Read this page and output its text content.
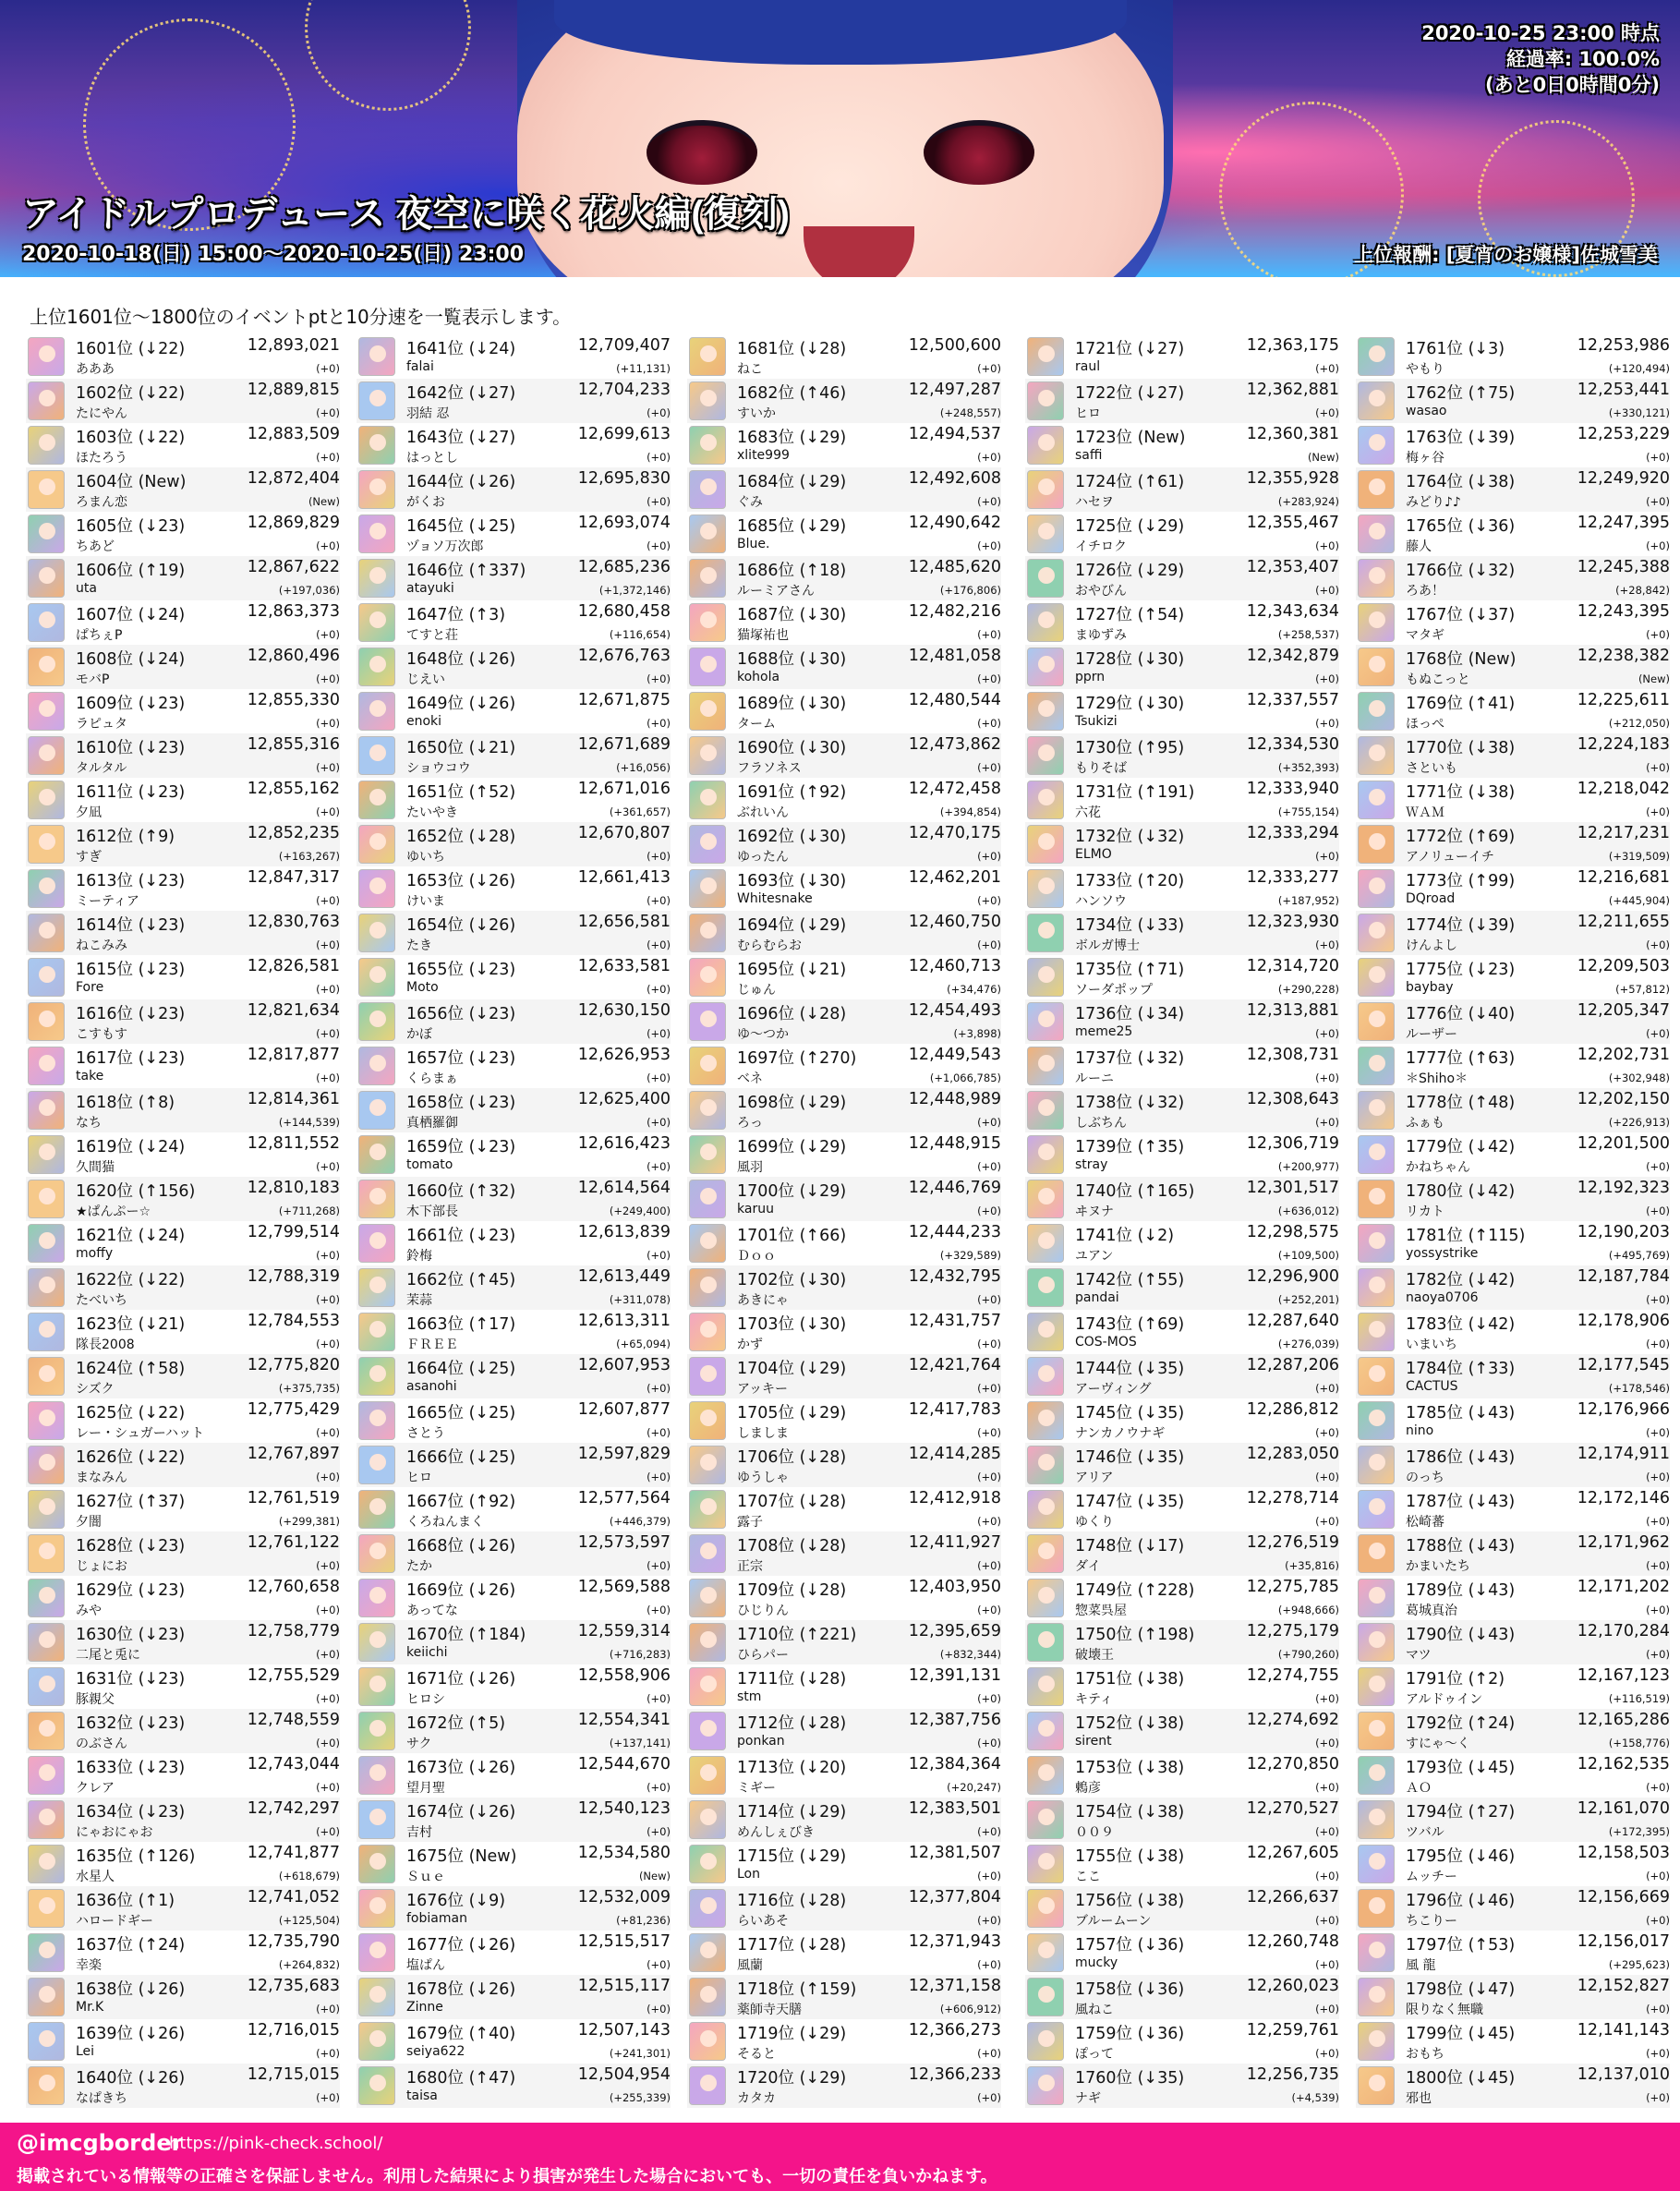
2020-10-25 23:00 時点
経過率: 100.0%
(あと0日0時間0分)
アイドルプロデュース 夜空に咲く花火編(復刻)
2020-10-18(日) 15:00～2020-10-25(日) 23:00	上位報酬: [夏宵のお嬢様]佐城雪美
上位1601位～1800位のイベントptと10分速を一覧表示します。
1601位 (↓22)	12,893,021
あああ	(+0)
1602位 (↓22)	12,889,815
たにやん	(+0)
1603位 (↓22)	12,883,509
ほたろう	(+0)
1604位 (New)	12,872,404
ろまん恋	(New)
1605位 (↓23)	12,869,829
ちあど	(+0)
1606位 (↑19)	12,867,622
uta	(+197,036)
1607位 (↓24)	12,863,373
ぱちぇP	(+0)
1608位 (↓24)	12,860,496
モバP	(+0)
1609位 (↓23)	12,855,330
ラピュタ	(+0)
1610位 (↓23)	12,855,316
タルタル	(+0)
1611位 (↓23)	12,855,162
夕凪	(+0)
1612位 (↑9)	12,852,235
すぎ	(+163,267)
1613位 (↓23)	12,847,317
ミーティア	(+0)
1614位 (↓23)	12,830,763
ねこみみ	(+0)
1615位 (↓23)	12,826,581
Fore	(+0)
1616位 (↓23)	12,821,634
こすもす	(+0)
1617位 (↓23)	12,817,877
take	(+0)
1618位 (↑8)	12,814,361
なち	(+144,539)
1619位 (↓24)	12,811,552
久間猫	(+0)
1620位 (↑156)	12,810,183
★ぱんぷー☆	(+711,268)
1621位 (↓24)	12,799,514
moffy	(+0)
1622位 (↓22)	12,788,319
たべいち	(+0)
1623位 (↓21)	12,784,553
隊長2008	(+0)
1624位 (↑58)	12,775,820
シズク	(+375,735)
1625位 (↓22)	12,775,429
レー・シュガーハット	(+0)
1626位 (↓22)	12,767,897
まなみん	(+0)
1627位 (↑37)	12,761,519
夕闇	(+299,381)
1628位 (↓23)	12,761,122
じょにお	(+0)
1629位 (↓23)	12,760,658
みや	(+0)
1630位 (↓23)	12,758,779
二尾と兎に	(+0)
1631位 (↓23)	12,755,529
豚親父	(+0)
1632位 (↓23)	12,748,559
のぶさん	(+0)
1633位 (↓23)	12,743,044
クレア	(+0)
1634位 (↓23)	12,742,297
にゃおにゃお	(+0)
1635位 (↑126)	12,741,877
水星人	(+618,679)
1636位 (↑1)	12,741,052
ハロードギー	(+125,504)
1637位 (↑24)	12,735,790
幸楽	(+264,832)
1638位 (↓26)	12,735,683
Mr.K	(+0)
1639位 (↓26)	12,716,015
Lei	(+0)
1640位 (↓26)	12,715,015
なぱきち	(+0)
1641位 (↓24)	12,709,407
falai	(+11,131)
1642位 (↓27)	12,704,233
羽結 忍	(+0)
1643位 (↓27)	12,699,613
はっとし	(+0)
1644位 (↓26)	12,695,830
がくお	(+0)
1645位 (↓25)	12,693,074
ヅョソ万次郎	(+0)
1646位 (↑337)	12,685,236
atayuki	(+1,372,146)
1647位 (↑3)	12,680,458
てすと荘	(+116,654)
1648位 (↓26)	12,676,763
じえい	(+0)
1649位 (↓26)	12,671,875
enoki	(+0)
1650位 (↓21)	12,671,689
ショウコウ	(+16,056)
1651位 (↑52)	12,671,016
たいやき	(+361,657)
1652位 (↓28)	12,670,807
ゆいち	(+0)
1653位 (↓26)	12,661,413
けいま	(+0)
1654位 (↓26)	12,656,581
たき	(+0)
1655位 (↓23)	12,633,581
Moto	(+0)
1656位 (↓23)	12,630,150
かぼ	(+0)
1657位 (↓23)	12,626,953
くらまぁ	(+0)
1658位 (↓23)	12,625,400
真栖羅御	(+0)
1659位 (↓23)	12,616,423
tomato	(+0)
1660位 (↑32)	12,614,564
木下部長	(+249,400)
1661位 (↓23)	12,613,839
鈴梅	(+0)
1662位 (↑45)	12,613,449
茉蒜	(+311,078)
1663位 (↑17)	12,613,311
ＦＲＥＥ	(+65,094)
1664位 (↓25)	12,607,953
asanohi	(+0)
1665位 (↓25)	12,607,877
さとう	(+0)
1666位 (↓25)	12,597,829
ヒロ	(+0)
1667位 (↑92)	12,577,564
くろねんまく	(+446,379)
1668位 (↓26)	12,573,597
たか	(+0)
1669位 (↓26)	12,569,588
あってな	(+0)
1670位 (↑184)	12,559,314
keiichi	(+716,283)
1671位 (↓26)	12,558,906
ヒロシ	(+0)
1672位 (↑5)	12,554,341
サク	(+137,141)
1673位 (↓26)	12,544,670
望月聖	(+0)
1674位 (↓26)	12,540,123
吉村	(+0)
1675位 (New)	12,534,580
Ｓｕｅ	(New)
1676位 (↓9)	12,532,009
fobiaman	(+81,236)
1677位 (↓26)	12,515,517
塩ぱん	(+0)
1678位 (↓26)	12,515,117
Zinne	(+0)
1679位 (↑40)	12,507,143
seiya622	(+241,301)
1680位 (↑47)	12,504,954
taisa	(+255,339)
1681位 (↓28)	12,500,600
ねこ	(+0)
1682位 (↑46)	12,497,287
すいか	(+248,557)
1683位 (↓29)	12,494,537
xlite999	(+0)
1684位 (↓29)	12,492,608
ぐみ	(+0)
1685位 (↓29)	12,490,642
Blue.	(+0)
1686位 (↑18)	12,485,620
ルーミアさん	(+176,806)
1687位 (↓30)	12,482,216
猫塚祐也	(+0)
1688位 (↓30)	12,481,058
kohola	(+0)
1689位 (↓30)	12,480,544
ターム	(+0)
1690位 (↓30)	12,473,862
フラソネス	(+0)
1691位 (↑92)	12,472,458
ぶれいん	(+394,854)
1692位 (↓30)	12,470,175
ゆったん	(+0)
1693位 (↓30)	12,462,201
Whitesnake	(+0)
1694位 (↓29)	12,460,750
むらむらお	(+0)
1695位 (↓21)	12,460,713
じゅん	(+34,476)
1696位 (↓28)	12,454,493
ゆ〜つか	(+3,898)
1697位 (↑270)	12,449,543
ベネ	(+1,066,785)
1698位 (↓29)	12,448,989
ろっ	(+0)
1699位 (↓29)	12,448,915
風羽	(+0)
1700位 (↓29)	12,446,769
karuu	(+0)
1701位 (↑66)	12,444,233
Ｄｏｏ	(+329,589)
1702位 (↓30)	12,432,795
あきにゃ	(+0)
1703位 (↓30)	12,431,757
かず	(+0)
1704位 (↓29)	12,421,764
アッキー	(+0)
1705位 (↓29)	12,417,783
しましま	(+0)
1706位 (↓28)	12,414,285
ゆうしゃ	(+0)
1707位 (↓28)	12,412,918
露子	(+0)
1708位 (↓28)	12,411,927
正宗	(+0)
1709位 (↓28)	12,403,950
ひじりん	(+0)
1710位 (↑221)	12,395,659
ひらパー	(+832,344)
1711位 (↓28)	12,391,131
stm	(+0)
1712位 (↓28)	12,387,756
ponkan	(+0)
1713位 (↓20)	12,384,364
ミギー	(+20,247)
1714位 (↓29)	12,383,501
めんしぇびき	(+0)
1715位 (↓29)	12,381,507
Lon	(+0)
1716位 (↓28)	12,377,804
らいあそ	(+0)
1717位 (↓28)	12,371,943
風蘭	(+0)
1718位 (↑159)	12,371,158
薬師寺天膳	(+606,912)
1719位 (↓29)	12,366,273
そると	(+0)
1720位 (↓29)	12,366,233
カタカ	(+0)
1721位 (↓27)	12,363,175
raul	(+0)
1722位 (↓27)	12,362,881
ヒロ	(+0)
1723位 (New)	12,360,381
saffi	(New)
1724位 (↑61)	12,355,928
ハセヲ	(+283,924)
1725位 (↓29)	12,355,467
イチロク	(+0)
1726位 (↓29)	12,353,407
おやびん	(+0)
1727位 (↑54)	12,343,634
まゆずみ	(+258,537)
1728位 (↓30)	12,342,879
pprn	(+0)
1729位 (↓30)	12,337,557
Tsukizi	(+0)
1730位 (↑95)	12,334,530
もりそば	(+352,393)
1731位 (↑191)	12,333,940
六花	(+755,154)
1732位 (↓32)	12,333,294
ELMO	(+0)
1733位 (↑20)	12,333,277
ハンソウ	(+187,952)
1734位 (↓33)	12,323,930
ボルガ博士	(+0)
1735位 (↑71)	12,314,720
ソーダポップ	(+290,228)
1736位 (↓34)	12,313,881
meme25	(+0)
1737位 (↓32)	12,308,731
ルーニ	(+0)
1738位 (↓32)	12,308,643
しぶちん	(+0)
1739位 (↑35)	12,306,719
stray	(+200,977)
1740位 (↑165)	12,301,517
ヰヌナ	(+636,012)
1741位 (↓2)	12,298,575
ユアン	(+109,500)
1742位 (↑55)	12,296,900
pandai	(+252,201)
1743位 (↑69)	12,287,640
COS-MOS	(+276,039)
1744位 (↓35)	12,287,206
アーヴィング	(+0)
1745位 (↓35)	12,286,812
ナンカノウナギ	(+0)
1746位 (↓35)	12,283,050
アリア	(+0)
1747位 (↓35)	12,278,714
ゆくり	(+0)
1748位 (↓17)	12,276,519
ダイ	(+35,816)
1749位 (↑228)	12,275,785
惣菜呉屋	(+948,666)
1750位 (↑198)	12,275,179
破壊王	(+790,260)
1751位 (↓38)	12,274,755
キティ	(+0)
1752位 (↓38)	12,274,692
sirent	(+0)
1753位 (↓38)	12,270,850
鶫彦	(+0)
1754位 (↓38)	12,270,527
００９	(+0)
1755位 (↓38)	12,267,605
ここ	(+0)
1756位 (↓38)	12,266,637
ブルームーン	(+0)
1757位 (↓36)	12,260,748
mucky	(+0)
1758位 (↓36)	12,260,023
風ねこ	(+0)
1759位 (↓36)	12,259,761
ぽって	(+0)
1760位 (↓35)	12,256,735
ナギ	(+4,539)
1761位 (↓3)	12,253,986
やもり	(+120,494)
1762位 (↑75)	12,253,441
wasao	(+330,121)
1763位 (↓39)	12,253,229
梅ヶ谷	(+0)
1764位 (↓38)	12,249,920
みどり♪♪	(+0)
1765位 (↓36)	12,247,395
藤人	(+0)
1766位 (↓32)	12,245,388
ろあ！	(+28,842)
1767位 (↓37)	12,243,395
マタギ	(+0)
1768位 (New)	12,238,382
もぬこっと	(New)
1769位 (↑41)	12,225,611
ほっぺ	(+212,050)
1770位 (↓38)	12,224,183
さといも	(+0)
1771位 (↓38)	12,218,042
ＷＡＭ	(+0)
1772位 (↑69)	12,217,231
アノリューイチ	(+319,509)
1773位 (↑99)	12,216,681
DQroad	(+445,904)
1774位 (↓39)	12,211,655
けんよし	(+0)
1775位 (↓23)	12,209,503
baybay	(+57,812)
1776位 (↓40)	12,205,347
ルーザー	(+0)
1777位 (↑63)	12,202,731
＊Shiho＊	(+302,948)
1778位 (↑48)	12,202,150
ふぁも	(+226,913)
1779位 (↓42)	12,201,500
かねちゃん	(+0)
1780位 (↓42)	12,192,323
リカト	(+0)
1781位 (↑115)	12,190,203
yossystrike	(+495,769)
1782位 (↓42)	12,187,784
naoya0706	(+0)
1783位 (↓42)	12,178,906
いまいち	(+0)
1784位 (↑33)	12,177,545
CACTUS	(+178,546)
1785位 (↓43)	12,176,966
nino	(+0)
1786位 (↓43)	12,174,911
のっち	(+0)
1787位 (↓43)	12,172,146
松崎蕃	(+0)
1788位 (↓43)	12,171,962
かまいたち	(+0)
1789位 (↓43)	12,171,202
葛城真治	(+0)
1790位 (↓43)	12,170,284
マツ	(+0)
1791位 (↑2)	12,167,123
アルドゥイン	(+116,519)
1792位 (↑24)	12,165,286
すにゃ～く	(+158,776)
1793位 (↓45)	12,162,535
ＡＯ	(+0)
1794位 (↑27)	12,161,070
ツバル	(+172,395)
1795位 (↓46)	12,158,503
ムッチー	(+0)
1796位 (↓46)	12,156,669
ちこりー	(+0)
1797位 (↑53)	12,156,017
風 龍	(+295,623)
1798位 (↓47)	12,152,827
限りなく無職	(+0)
1799位 (↓45)	12,141,143
おもち	(+0)
1800位 (↓45)	12,137,010
邪也	(+0)
@imcgborder
https://pink-check.school/
掲載されている情報等の正確さを保証しません。利用した結果により損害が発生した場合においても、一切の責任を負いかねます。
